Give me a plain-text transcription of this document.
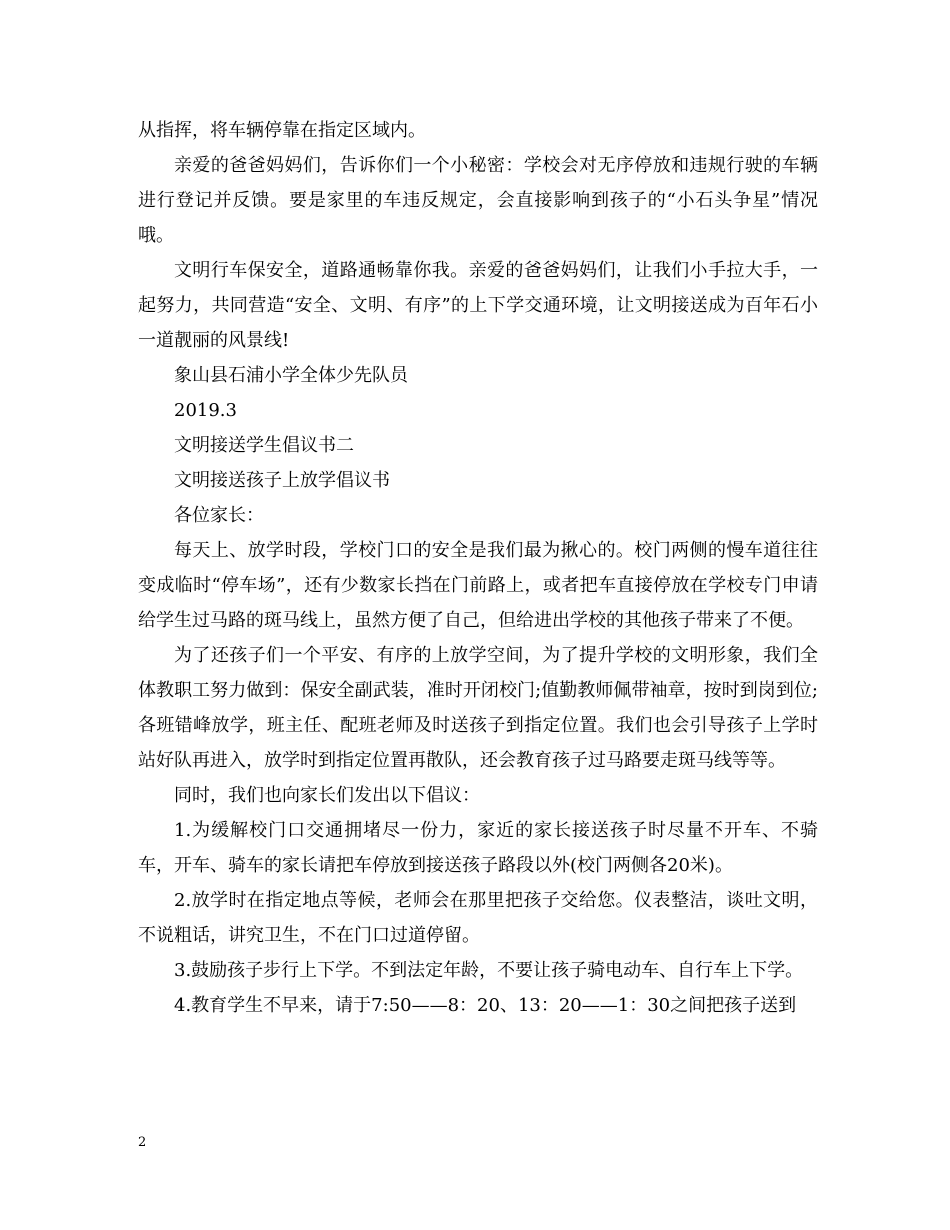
从指挥，将车辆停靠在指定区域内。

亲爱的爸爸妈妈们，告诉你们一个小秘密：学校会对无序停放和违规行驶的车辆进行登记并反馈。要是家里的车违反规定，会直接影响到孩子的“小石头争星”情况哦。

文明行车保安全，道路通畅靠你我。亲爱的爸爸妈妈们，让我们小手拉大手，一起努力，共同营造“安全、文明、有序”的上下学交通环境，让文明接送成为百年石小一道靓丽的风景线!

象山县石浦小学全体少先队员

2019.3

文明接送学生倡议书二

文明接送孩子上放学倡议书

各位家长：

每天上、放学时段，学校门口的安全是我们最为揪心的。校门两侧的慢车道往往变成临时“停车场”，还有少数家长挡在门前路上，或者把车直接停放在学校专门申请给学生过马路的斑马线上，虽然方便了自己，但给进出学校的其他孩子带来了不便。

为了还孩子们一个平安、有序的上放学空间，为了提升学校的文明形象，我们全体教职工努力做到：保安全副武装，准时开闭校门;值勤教师佩带袖章，按时到岗到位;各班错峰放学，班主任、配班老师及时送孩子到指定位置。我们也会引导孩子上学时站好队再进入，放学时到指定位置再散队，还会教育孩子过马路要走斑马线等等。

同时，我们也向家长们发出以下倡议：

1.为缓解校门口交通拥堵尽一份力，家近的家长接送孩子时尽量不开车、不骑车，开车、骑车的家长请把车停放到接送孩子路段以外(校门两侧各20米)。

2.放学时在指定地点等候，老师会在那里把孩子交给您。仪表整洁，谈吐文明，不说粗话，讲究卫生，不在门口过道停留。

3.鼓励孩子步行上下学。不到法定年龄，不要让孩子骑电动车、自行车上下学。

4.教育学生不早来，请于7:50——8：20、13：20——1：30之间把孩子送到

2
